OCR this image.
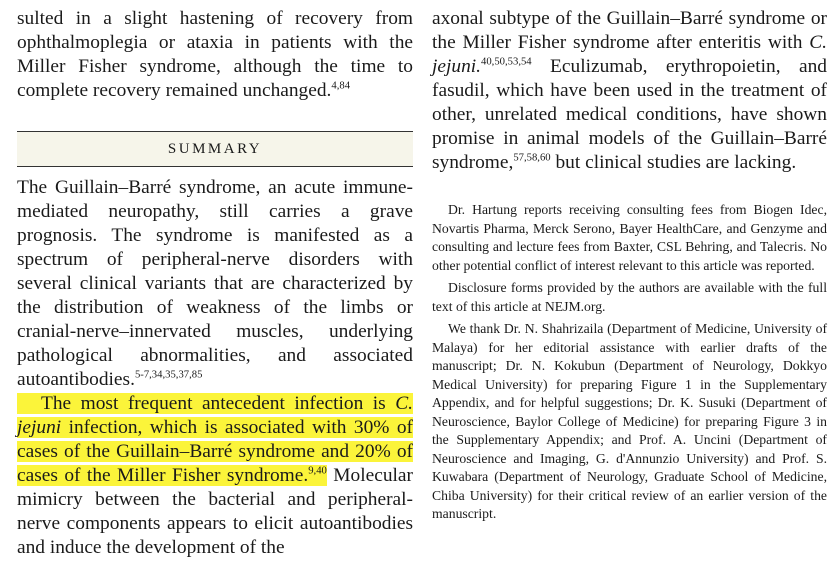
sulted in a slight hastening of recovery from ophthalmoplegia or ataxia in patients with the Miller Fisher syndrome, although the time to complete recovery remained unchanged.$^{4,84}$

SUMMARY

The Guillain–Barré syndrome, an acute immune-mediated neuropathy, still carries a grave prognosis. The syndrome is manifested as a spectrum of peripheral-nerve disorders with several clinical variants that are characterized by the distribution of weakness of the limbs or cranial-nerve–innervated muscles, underlying pathological abnormalities, and associated autoantibodies.$^{5-7,34,35,37,85}$

The most frequent antecedent infection is C. jejuni infection, which is associated with 30% of cases of the Guillain–Barré syndrome and 20% of cases of the Miller Fisher syndrome.$^{9,40}$ Molecular mimicry between the bacterial and peripheral-nerve components appears to elicit autoantibodies and induce the development of the

axonal subtype of the Guillain–Barré syndrome or the Miller Fisher syndrome after enteritis with C. jejuni.$^{40,50,53,54}$ Eculizumab, erythropoietin, and fasudil, which have been used in the treatment of other, unrelated medical conditions, have shown promise in animal models of the Guillain–Barré syndrome,$^{57,58,60}$ but clinical studies are lacking.

Dr. Hartung reports receiving consulting fees from Biogen Idec, Novartis Pharma, Merck Serono, Bayer HealthCare, and Genzyme and consulting and lecture fees from Baxter, CSL Behring, and Talecris. No other potential conflict of interest relevant to this article was reported.

Disclosure forms provided by the authors are available with the full text of this article at NEJM.org.

We thank Dr. N. Shahrizaila (Department of Medicine, University of Malaya) for her editorial assistance with earlier drafts of the manuscript; Dr. N. Kokubun (Department of Neurology, Dokkyo Medical University) for preparing Figure 1 in the Supplementary Appendix, and for helpful suggestions; Dr. K. Susuki (Department of Neuroscience, Baylor College of Medicine) for preparing Figure 3 in the Supplementary Appendix; and Prof. A. Uncini (Department of Neuroscience and Imaging, G. d'Annunzio University) and Prof. S. Kuwabara (Department of Neurology, Graduate School of Medicine, Chiba University) for their critical review of an earlier version of the manuscript.
